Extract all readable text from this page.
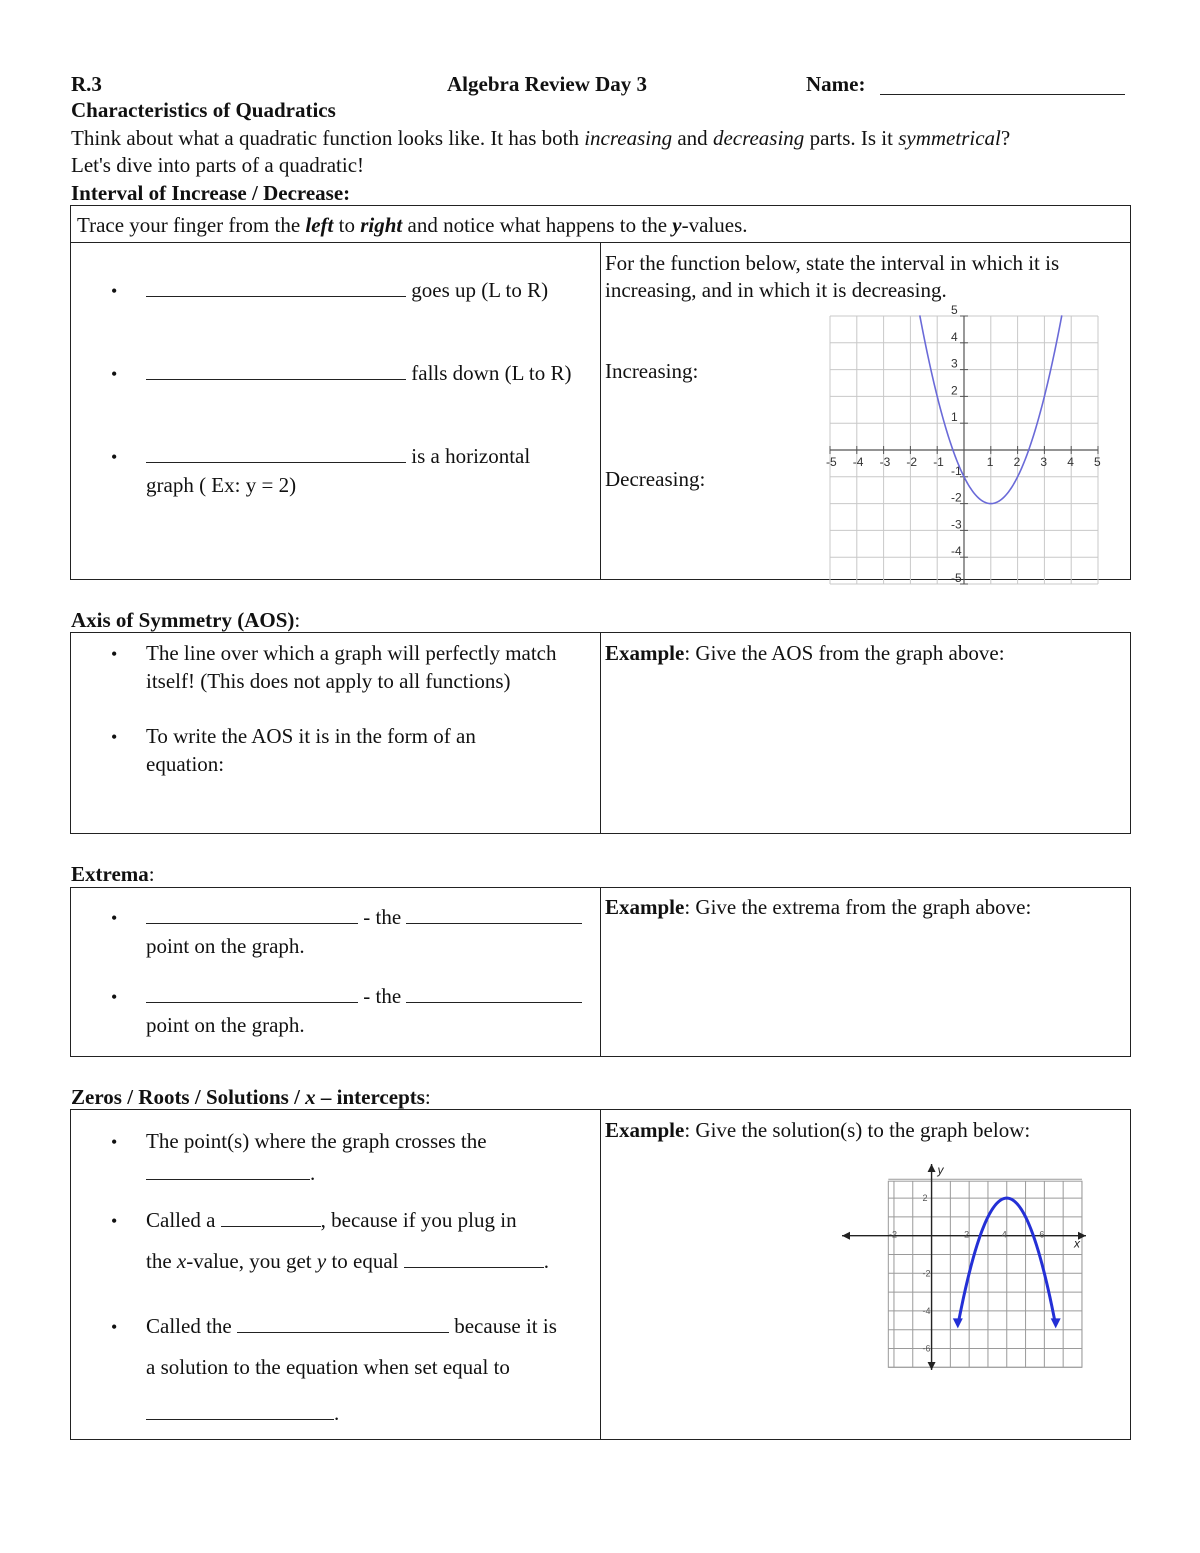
R.3	Algebra Review Day 3	Name:
Characteristics of Quadratics
Think about what a quadratic function looks like. It has both increasing and decreasing parts. Is it symmetrical?
Let's dive into parts of a quadratic!
Interval of Increase / Decrease:
Trace your finger from the left to right and notice what happens to the y-values.
•	goes up (L to R)
•	falls down (L to R)
•	is a horizontal
graph ( Ex: y = 2)
For the function below, state the interval in which it is increasing, and in which it is decreasing.
Increasing:
Decreasing:
-5 -4 -3 -2 -1	1 2 3 4 5
5
4
3
2
1
-1
-2
-3
-4
-5
Axis of Symmetry (AOS):
• The line over which a graph will perfectly match itself! (This does not apply to all functions)
• To write the AOS it is in the form of an equation:
Example: Give the AOS from the graph above:
Extrema:
•	- the
point on the graph.
•	- the
point on the graph.
Example: Give the extrema from the graph above:
Zeros / Roots / Solutions / x – intercepts:
• The point(s) where the graph crosses the
.
• Called a	, because if you plug in
the x-value, you get y to equal	.
• Called the	because it is
a solution to the equation when set equal to
.
Example: Give the solution(s) to the graph below:
y
x
-2	2	4	6
2
-2
-4
-6
